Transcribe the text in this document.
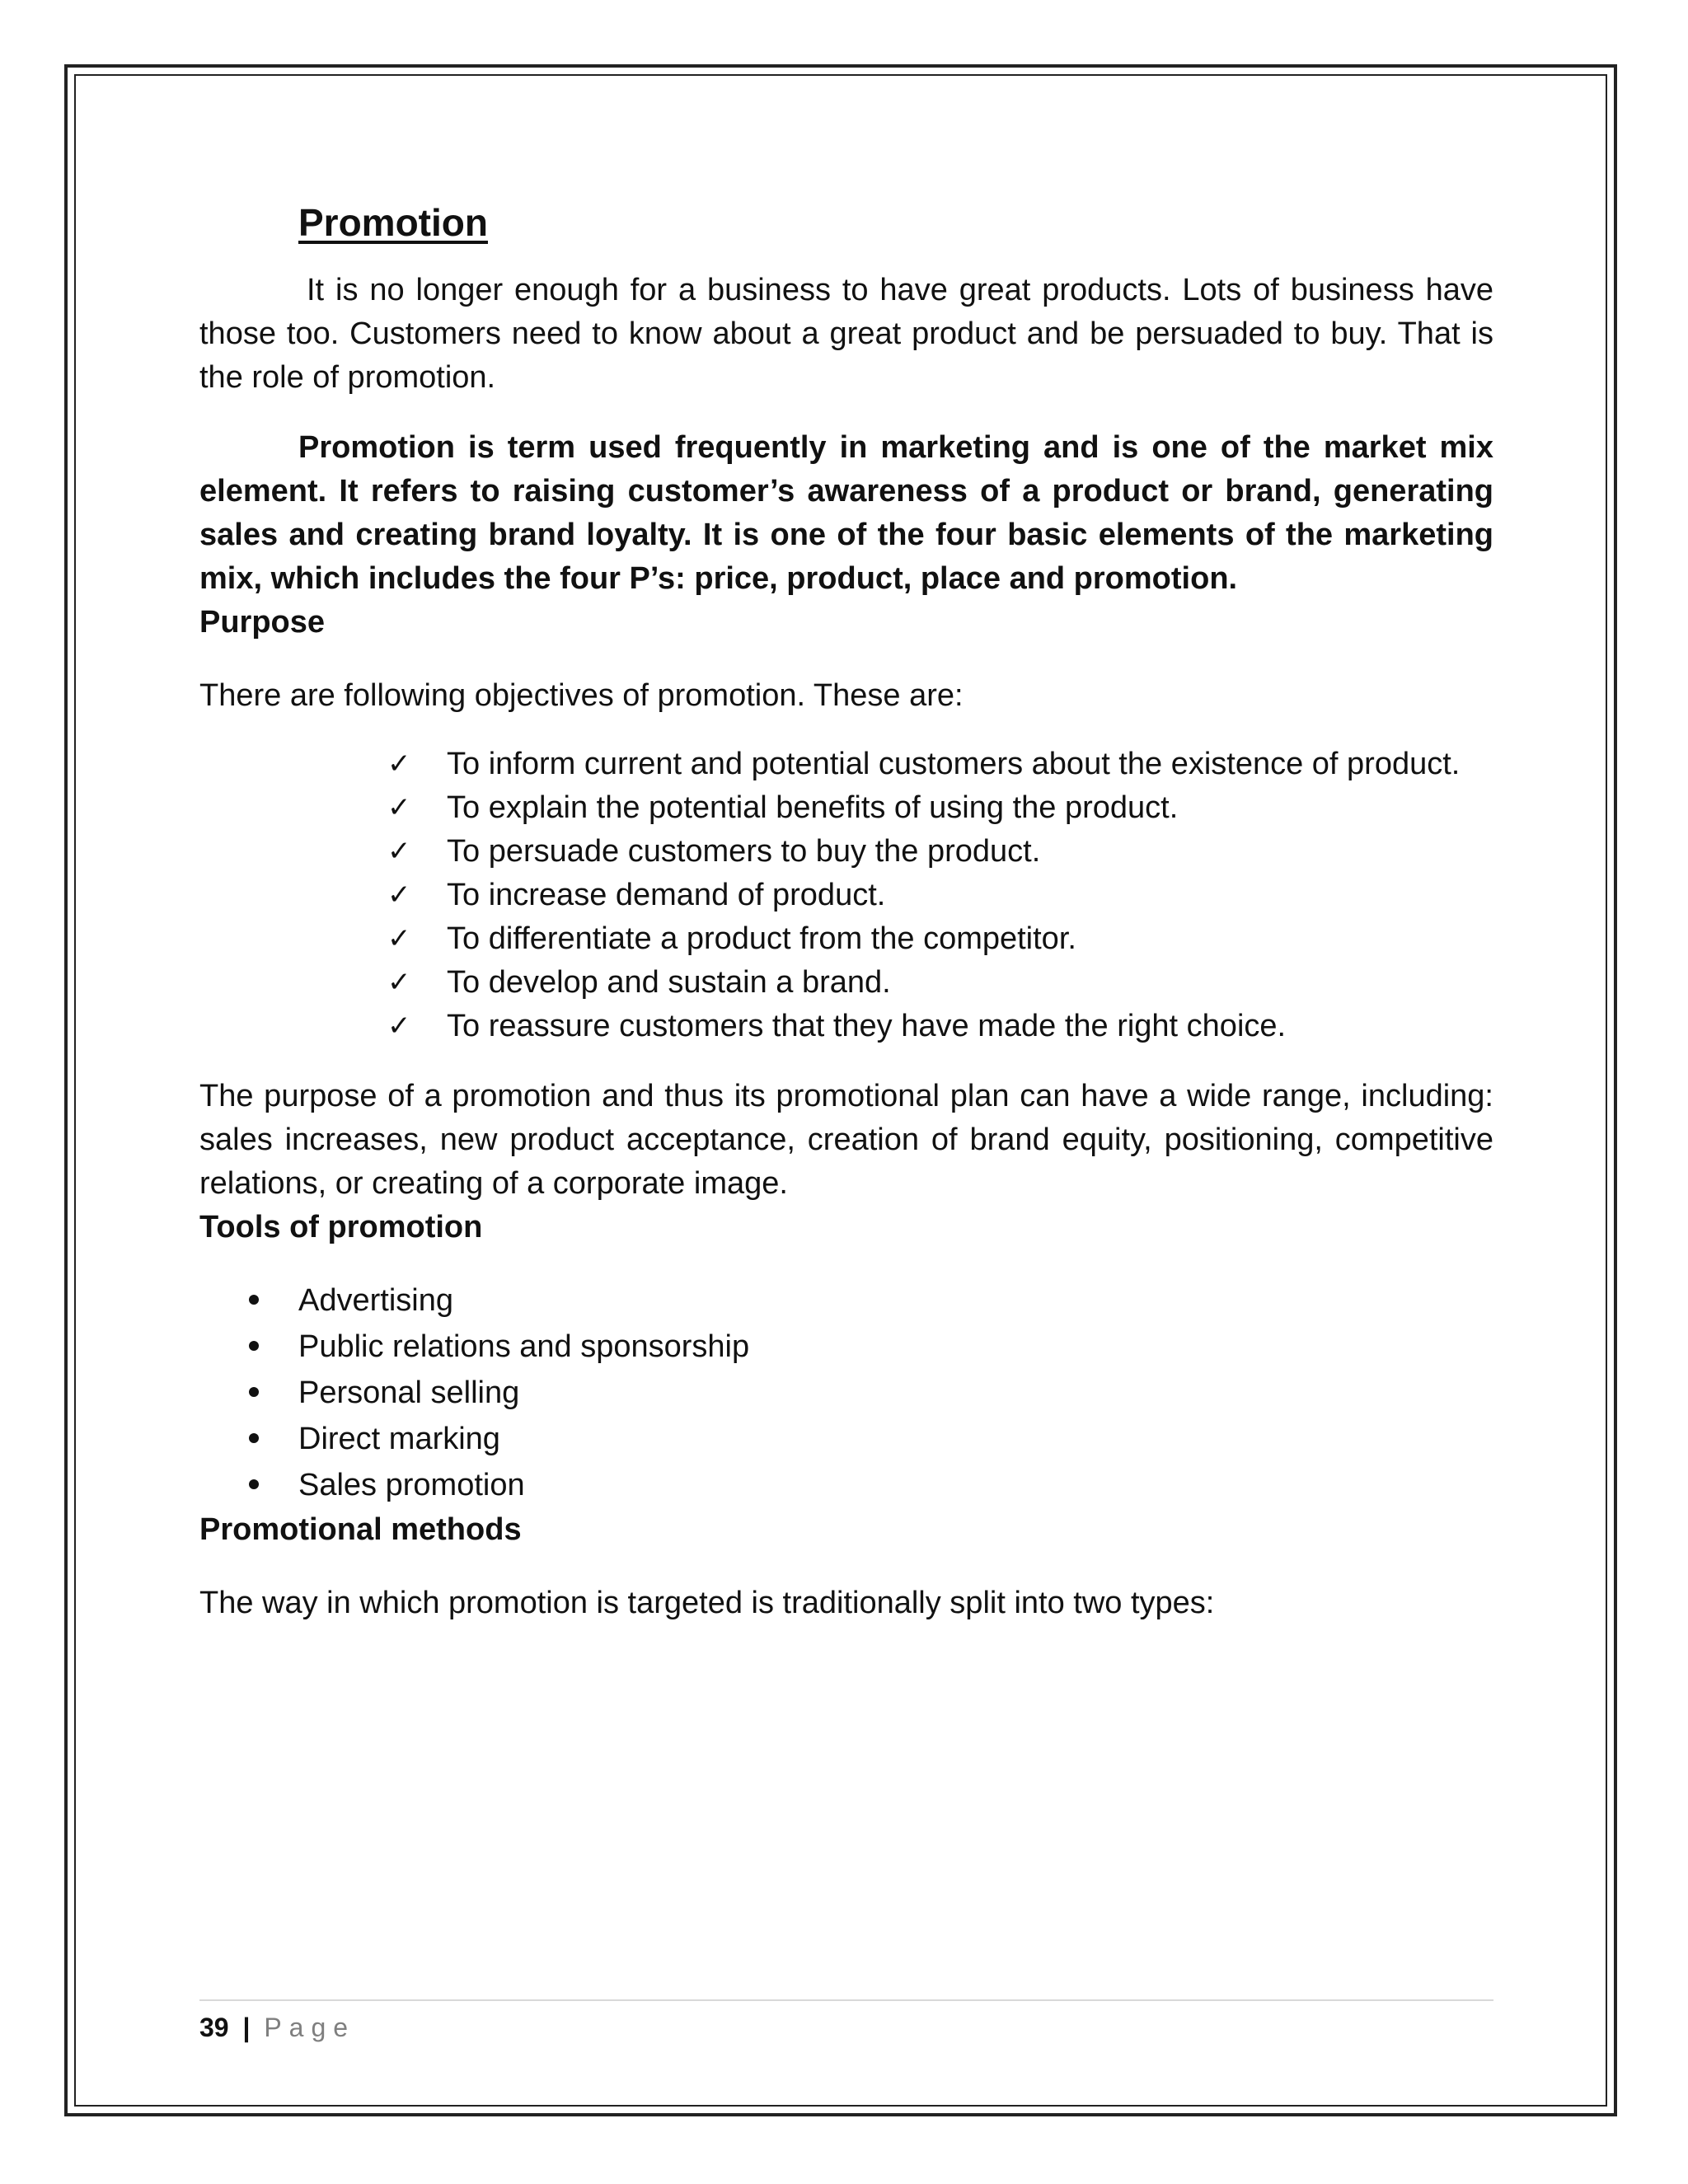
Promotion

It is no longer enough for a business to have great products. Lots of business have those too. Customers need to know about a great product and be persuaded to buy. That is the role of promotion.

Promotion is term used frequently in marketing and is one of the market mix element. It refers to raising customer’s awareness of a product or brand, generating sales and creating brand loyalty. It is one of the four basic elements of the marketing mix, which includes the four P’s: price, product, place and promotion.

Purpose

There are following objectives of promotion. These are:

✓ To inform current and potential customers about the existence of product.
✓ To explain the potential benefits of using the product.
✓ To persuade customers to buy the product.
✓ To increase demand of product.
✓ To differentiate a product from the competitor.
✓ To develop and sustain a brand.
✓ To reassure customers that they have made the right choice.

The purpose of a promotion and thus its promotional plan can have a wide range, including: sales increases, new product acceptance, creation of brand equity, positioning, competitive relations, or creating of a corporate image.

Tools of promotion
Advertising
Public relations and sponsorship
Personal selling
Direct marking
Sales promotion
Promotional methods

The way in which promotion is targeted is traditionally split into two types:

39 | Page
